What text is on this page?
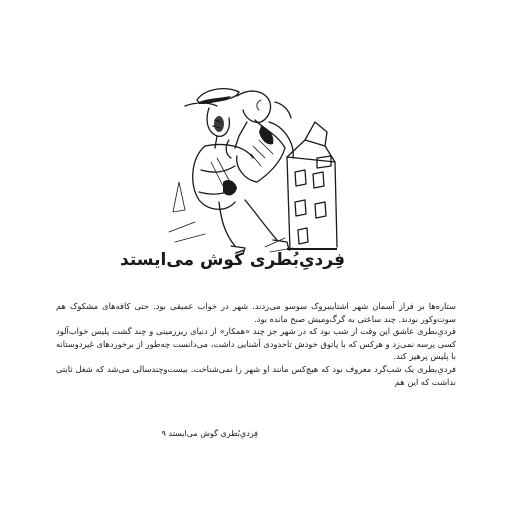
فِردیِ‌بُطری گوش می‌ایستد

ستاره‌ها بر فراز آسمان شهر اشتاینبروک سوسو می‌زدند. شهر در خواب عمیقی بود. حتی کافه‌های مشکوک هم سوت‌وکور بودند. چند ساعتی به گرگ‌ومیش صبح مانده بود.

فردیِ‌بطری عاشق این وقت از شب بود که در شهر جز چند «همکار» از دنیای زیرزمینی و چند گشت پلیس خواب‌آلود کسی پرسه نمی‌زد و هرکس که با پاتوق خودش تاحدودی آشنایی داشت، می‌دانست چه‌طور از برخوردهای غیردوستانه با پلیس پرهیز کند.

فردیِ‌بطری یک شب‌گرد معروف بود که هیچ‌کس مانند او شهر را نمی‌شناخت. بیست‌وچندسالی می‌شد که شغل ثابتی نداشت که این هم

فِردیِ‌بُطری گوش می‌ایستد ۹
